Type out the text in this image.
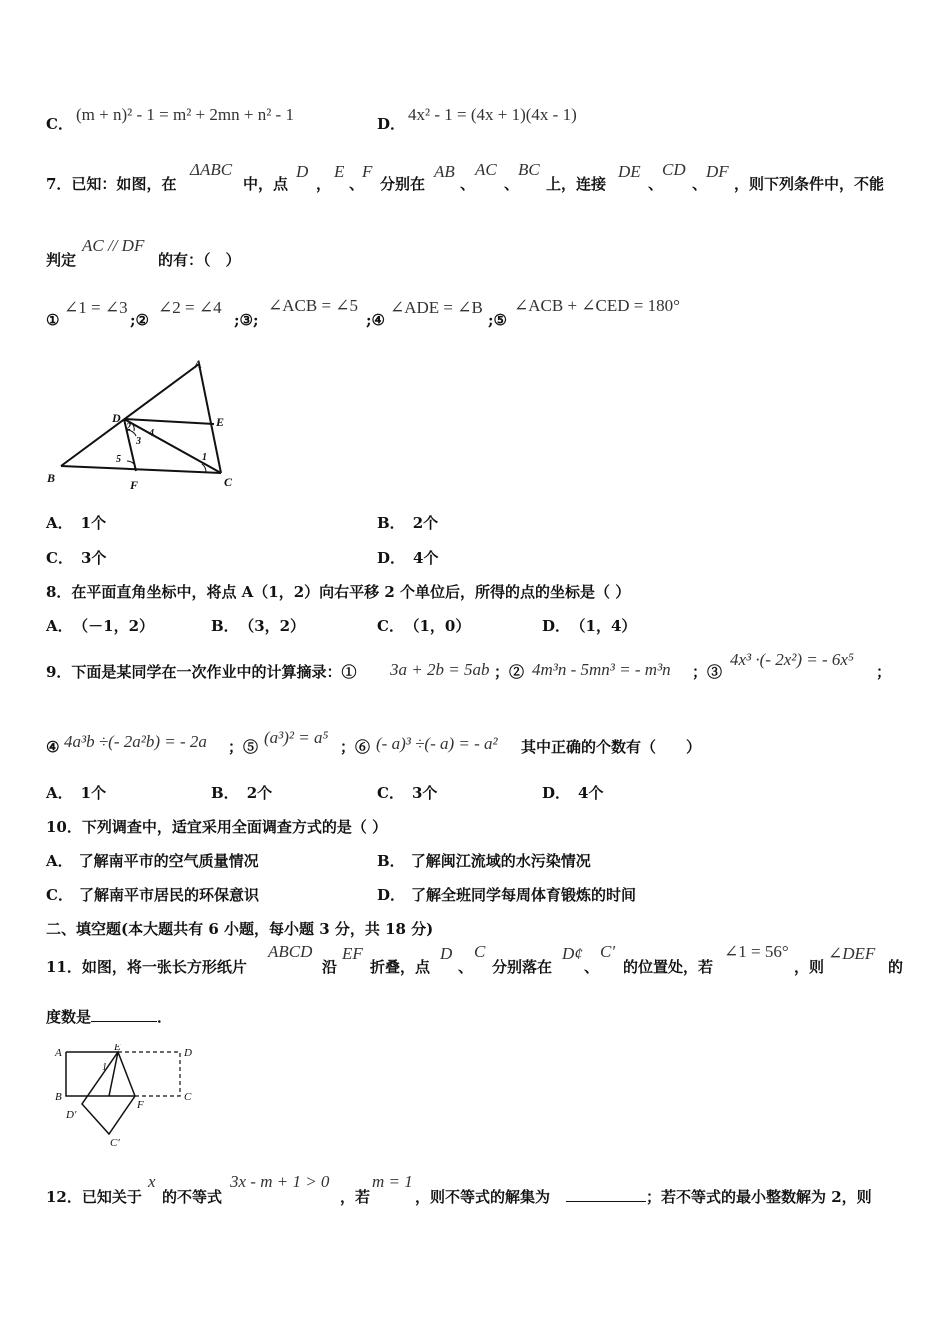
C． (m + n)² - 1 = m² + 2mn + n² - 1	D． 4x² - 1 = (4x + 1)(4x - 1)
7．已知：如图，在
ΔABC
中，点
D
，
E
、
F
分别在
AB
、
AC
、
BC
上，连接
DE
、
CD
、
DF
，则下列条件中，不能
判定
AC // DF
的有：（　）
①
∠1 = ∠3
;②
∠2 = ∠4
;③;
∠ACB = ∠5
;④
∠ADE = ∠B
;⑤
∠ACB + ∠CED = 180°
A
D	E
B	F	C
1
2
3
4
5
A． 1个	B． 2个
C． 3个	D． 4个
8．在平面直角坐标中，将点 A（1，2）向右平移 2 个单位后，所得的点的坐标是（ ）
A． （－1，2）	B． （3，2）	C． （1，0）	D． （1，4）
9．下面是某同学在一次作业中的计算摘录：① 3a + 2b = 5ab ；② 4m³n - 5mn³ = - m³n ；③
4x³ ·(- 2x²) = - 6x⁵
；
④ 4a³b ÷(- 2a²b) = - 2a ；⑤ (a³)² = a⁵ ；⑥ (- a)³ ÷(- a) = - a² 其中正确的个数有（　　）
A． 1个	B． 2个	C． 3个	D． 4个
10．下列调查中，适宜采用全面调查方式的是（ ）
A． 了解南平市的空气质量情况	B． 了解闽江流域的水污染情况
C． 了解南平市居民的环保意识	D． 了解全班同学每周体育锻炼的时间
二、填空题(本大题共有 6 小题，每小题 3 分，共 18 分)
11．如图，将一张长方形纸片
ABCD
沿
EF
折叠，点
D
、
C
分别落在
D¢
、
C′
的位置处，若
∠1 = 56°
，则
∠DEF
的
度数是	．
A	E	D
1
B
F
C
D′
C′
12．已知关于
x
的不等式
3x - m + 1 > 0
，若
m = 1
，则不等式的解集为	；若不等式的最小整数解为 2，则
